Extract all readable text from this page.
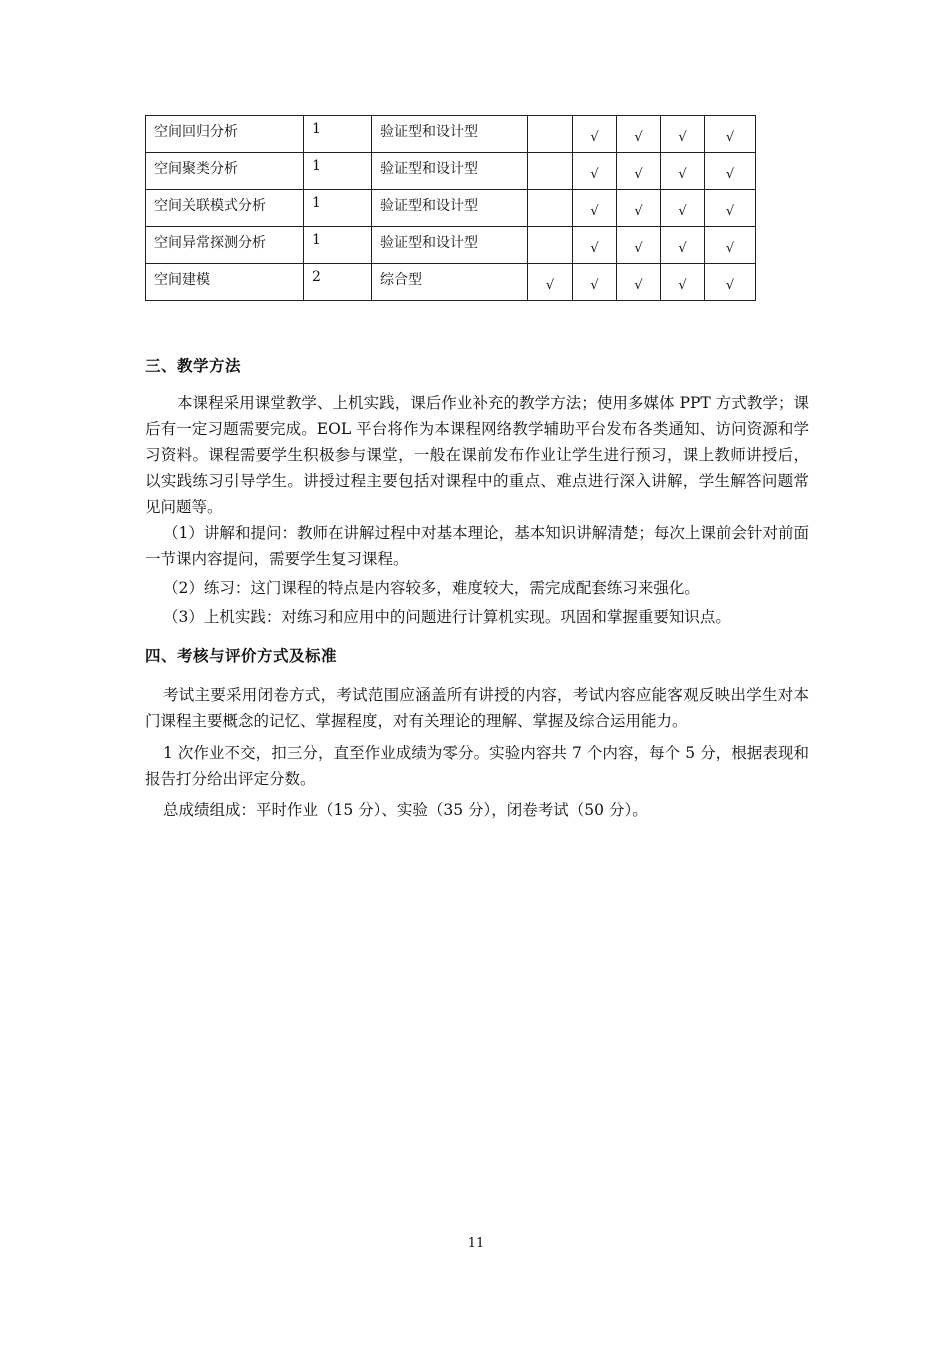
空间回归分析	1	验证型和设计型		√	√	√	√
空间聚类分析	1	验证型和设计型		√	√	√	√
空间关联模式分析	1	验证型和设计型		√	√	√	√
空间异常探测分析	1	验证型和设计型		√	√	√	√
空间建模	2	综合型	√	√	√	√	√
三、教学方法
本课程采用课堂教学、上机实践，课后作业补充的教学方法；使用多媒体 PPT 方式教学；课后有一定习题需要完成。EOL 平台将作为本课程网络教学辅助平台发布各类通知、访问资源和学习资料。课程需要学生积极参与课堂，一般在课前发布作业让学生进行预习，课上教师讲授后，以实践练习引导学生。讲授过程主要包括对课程中的重点、难点进行深入讲解，学生解答问题常见问题等。
（1）讲解和提问：教师在讲解过程中对基本理论，基本知识讲解清楚；每次上课前会针对前面一节课内容提问，需要学生复习课程。
（2）练习：这门课程的特点是内容较多，难度较大，需完成配套练习来强化。
（3）上机实践：对练习和应用中的问题进行计算机实现。巩固和掌握重要知识点。
四、考核与评价方式及标准
考试主要采用闭卷方式，考试范围应涵盖所有讲授的内容，考试内容应能客观反映出学生对本门课程主要概念的记忆、掌握程度，对有关理论的理解、掌握及综合运用能力。
1 次作业不交，扣三分，直至作业成绩为零分。实验内容共 7 个内容，每个 5 分，根据表现和报告打分给出评定分数。
总成绩组成：平时作业（15 分）、实验（35 分），闭卷考试（50 分）。
11
